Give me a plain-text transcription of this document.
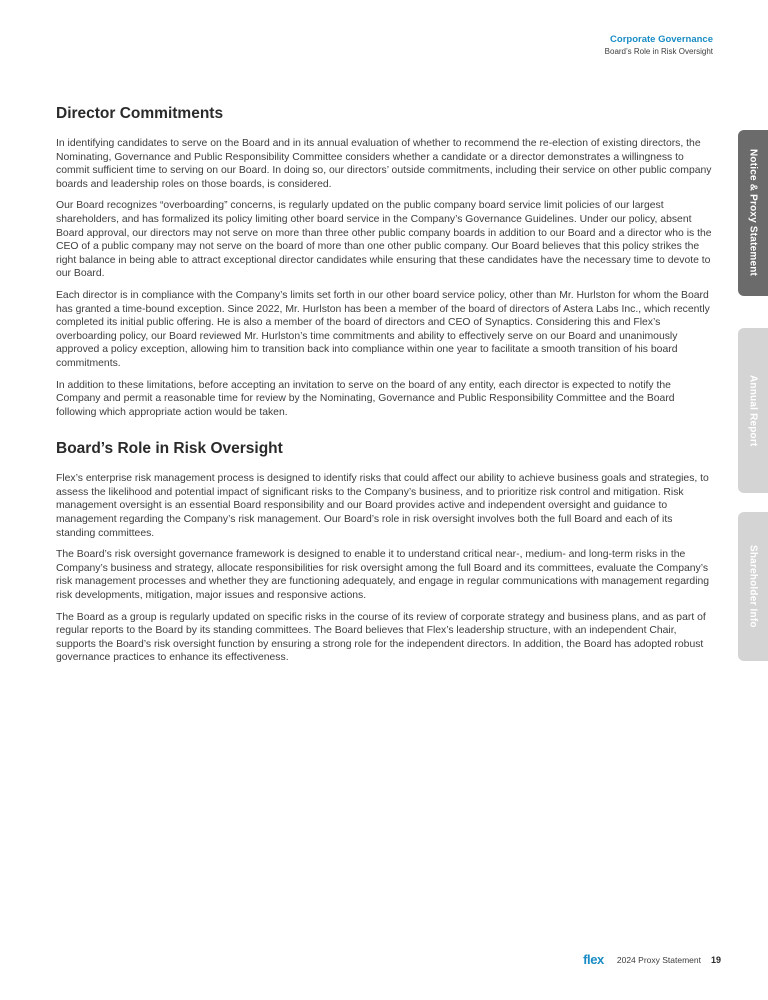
Corporate Governance
Board’s Role in Risk Oversight
Director Commitments

In identifying candidates to serve on the Board and in its annual evaluation of whether to recommend the re-election of existing directors, the Nominating, Governance and Public Responsibility Committee considers whether a candidate or a director demonstrates a willingness to commit sufficient time to serving on our Board. In doing so, our directors’ outside commitments, including their service on other public company boards and leadership roles on those boards, is considered.

Our Board recognizes “overboarding” concerns, is regularly updated on the public company board service limit policies of our largest shareholders, and has formalized its policy limiting other board service in the Company’s Governance Guidelines. Under our policy, absent Board approval, our directors may not serve on more than three other public company boards in addition to our Board and a director who is the CEO of a public company may not serve on the board of more than one other public company. Our Board believes that this policy strikes the right balance in being able to attract exceptional director candidates while ensuring that these candidates have the necessary time to devote to our Board.

Each director is in compliance with the Company’s limits set forth in our other board service policy, other than Mr. Hurlston for whom the Board has granted a time-bound exception. Since 2022, Mr. Hurlston has been a member of the board of directors of Astera Labs Inc., which recently completed its initial public offering. He is also a member of the board of directors and CEO of Synaptics. Considering this and Flex’s overboarding policy, our Board reviewed Mr. Hurlston’s time commitments and ability to effectively serve on our Board and unanimously approved a policy exception, allowing him to transition back into compliance within one year to facilitate a smooth transition of his board commitments.

In addition to these limitations, before accepting an invitation to serve on the board of any entity, each director is expected to notify the Company and permit a reasonable time for review by the Nominating, Governance and Public Responsibility Committee and the Board following which appropriate action would be taken.

Board’s Role in Risk Oversight

Flex’s enterprise risk management process is designed to identify risks that could affect our ability to achieve business goals and strategies, to assess the likelihood and potential impact of significant risks to the Company’s business, and to prioritize risk control and mitigation. Risk management oversight is an essential Board responsibility and our Board provides active and independent oversight and guidance to management regarding the Company’s risk management. Our Board’s role in risk oversight involves both the full Board and each of its standing committees.

The Board’s risk oversight governance framework is designed to enable it to understand critical near-, medium- and long-term risks in the Company’s business and strategy, allocate responsibilities for risk oversight among the full Board and its committees, evaluate the Company’s risk management processes and whether they are functioning adequately, and engage in regular communications with management regarding risk developments, mitigation, major issues and responsive actions.

The Board as a group is regularly updated on specific risks in the course of its review of corporate strategy and business plans, and as part of regular reports to the Board by its standing committees. The Board believes that Flex’s leadership structure, with an independent Chair, supports the Board’s risk oversight function by ensuring a strong role for the independent directors. In addition, the Board has adopted robust governance practices to enhance its effectiveness.

Notice & Proxy Statement
Annual Report
Shareholder Info
flex 2024 Proxy Statement 19
